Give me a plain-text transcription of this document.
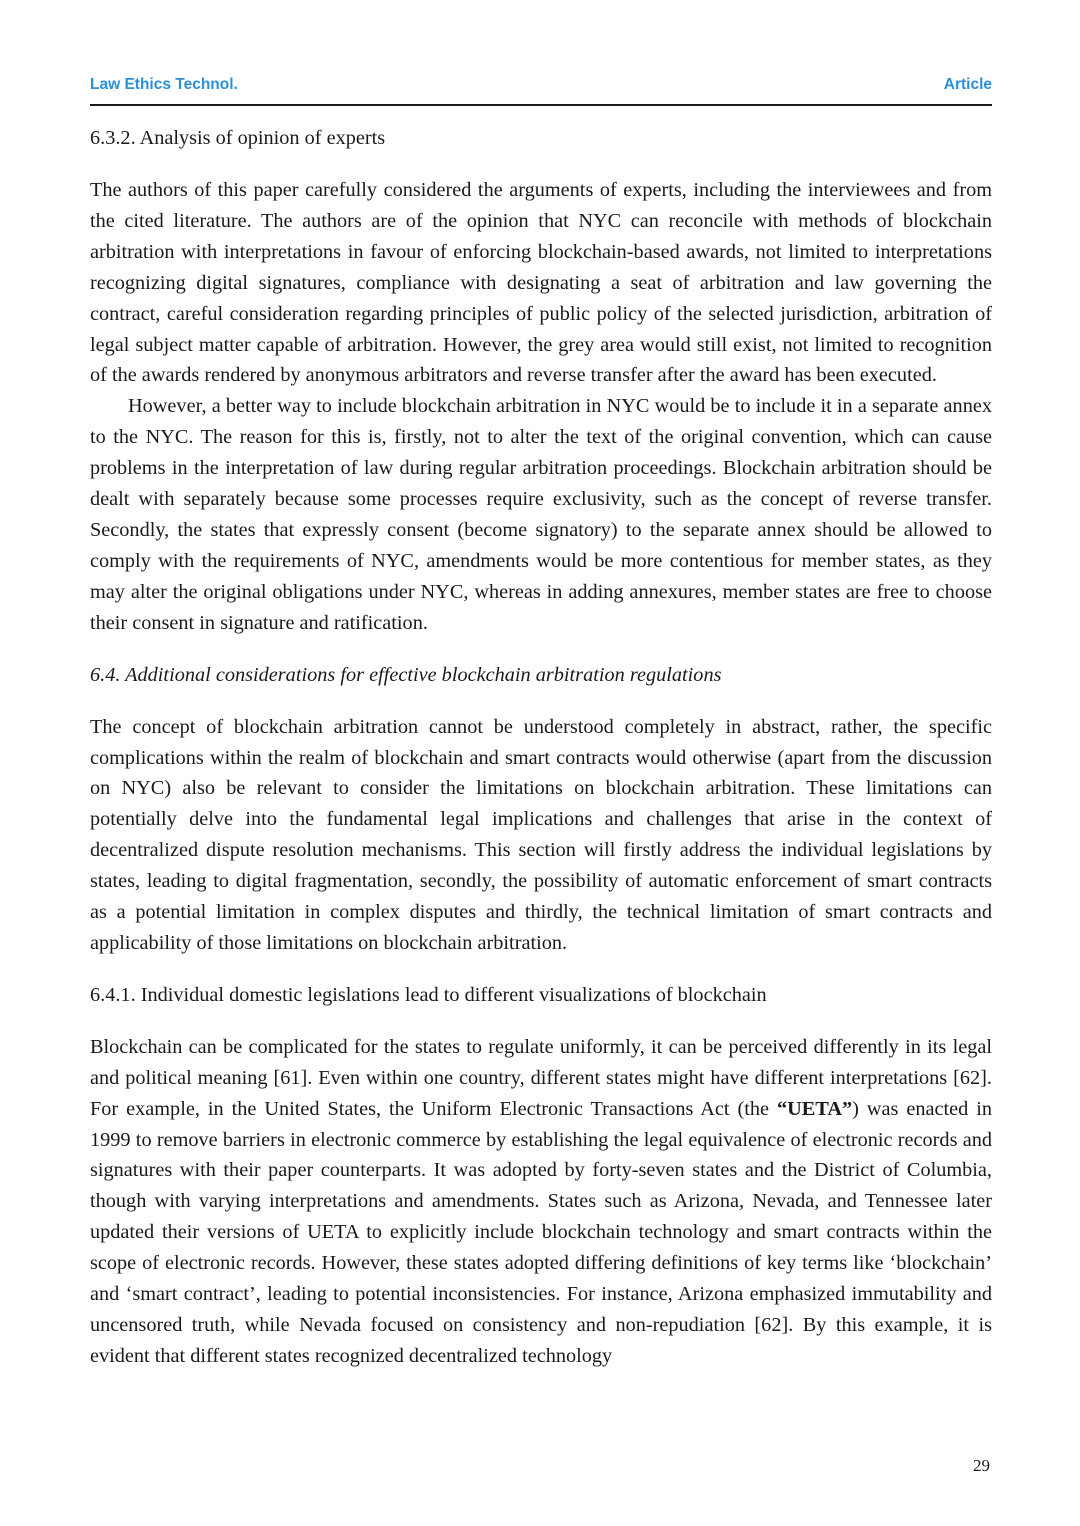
Law Ethics Technol.	Article
6.3.2. Analysis of opinion of experts

The authors of this paper carefully considered the arguments of experts, including the interviewees and from the cited literature. The authors are of the opinion that NYC can reconcile with methods of blockchain arbitration with interpretations in favour of enforcing blockchain-based awards, not limited to interpretations recognizing digital signatures, compliance with designating a seat of arbitration and law governing the contract, careful consideration regarding principles of public policy of the selected jurisdiction, arbitration of legal subject matter capable of arbitration. However, the grey area would still exist, not limited to recognition of the awards rendered by anonymous arbitrators and reverse transfer after the award has been executed.

However, a better way to include blockchain arbitration in NYC would be to include it in a separate annex to the NYC. The reason for this is, firstly, not to alter the text of the original convention, which can cause problems in the interpretation of law during regular arbitration proceedings. Blockchain arbitration should be dealt with separately because some processes require exclusivity, such as the concept of reverse transfer. Secondly, the states that expressly consent (become signatory) to the separate annex should be allowed to comply with the requirements of NYC, amendments would be more contentious for member states, as they may alter the original obligations under NYC, whereas in adding annexures, member states are free to choose their consent in signature and ratification.

6.4. Additional considerations for effective blockchain arbitration regulations

The concept of blockchain arbitration cannot be understood completely in abstract, rather, the specific complications within the realm of blockchain and smart contracts would otherwise (apart from the discussion on NYC) also be relevant to consider the limitations on blockchain arbitration. These limitations can potentially delve into the fundamental legal implications and challenges that arise in the context of decentralized dispute resolution mechanisms. This section will firstly address the individual legislations by states, leading to digital fragmentation, secondly, the possibility of automatic enforcement of smart contracts as a potential limitation in complex disputes and thirdly, the technical limitation of smart contracts and applicability of those limitations on blockchain arbitration.

6.4.1. Individual domestic legislations lead to different visualizations of blockchain

Blockchain can be complicated for the states to regulate uniformly, it can be perceived differently in its legal and political meaning [61]. Even within one country, different states might have different interpretations [62]. For example, in the United States, the Uniform Electronic Transactions Act (the “UETA”) was enacted in 1999 to remove barriers in electronic commerce by establishing the legal equivalence of electronic records and signatures with their paper counterparts. It was adopted by forty-seven states and the District of Columbia, though with varying interpretations and amendments. States such as Arizona, Nevada, and Tennessee later updated their versions of UETA to explicitly include blockchain technology and smart contracts within the scope of electronic records. However, these states adopted differing definitions of key terms like ‘blockchain’ and ‘smart contract’, leading to potential inconsistencies. For instance, Arizona emphasized immutability and uncensored truth, while Nevada focused on consistency and non-repudiation [62]. By this example, it is evident that different states recognized decentralized technology

29
